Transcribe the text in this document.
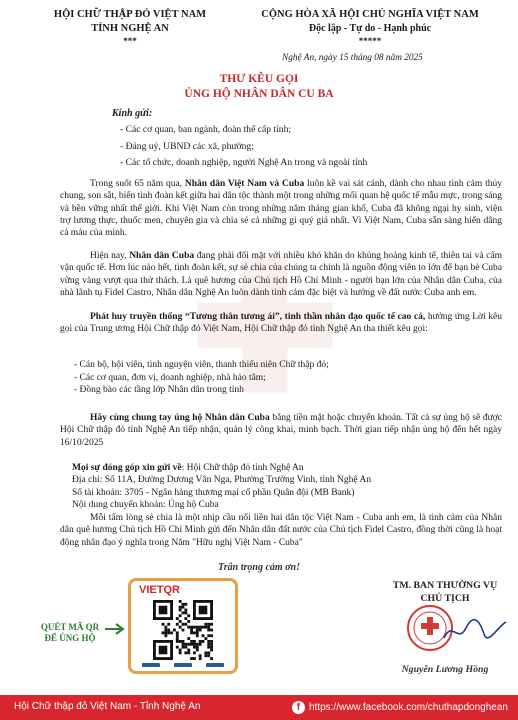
HỘI CHỮ THẬP ĐỎ VIỆT NAM
TỈNH NGHỆ AN
***
CỘNG HÒA XÃ HỘI CHỦ NGHĨA VIỆT NAM
Độc lập - Tự do - Hạnh phúc
*****
Nghệ An, ngày 15 tháng 08 năm 2025
THƯ KÊU GỌI
ỦNG HỘ NHÂN DÂN CU BA
Kính gửi:
- Các cơ quan, ban ngành, đoàn thể cấp tỉnh;
- Đảng uỷ, UBND các xã, phường;
- Các tổ chức, doanh nghiệp, người Nghệ An trong và ngoài tỉnh

Trong suốt 65 năm qua, Nhân dân Việt Nam và Cuba luôn kề vai sát cánh, dành cho nhau tình cảm thủy chung, son sắt, biến tình đoàn kết giữa hai dân tộc thành một trong những mối quan hệ quốc tế mẫu mực, trong sáng và bền vững nhất thế giới. Khi Việt Nam còn trong những năm tháng gian khổ, Cuba đã không ngại hy sinh, viện trợ lương thực, thuốc men, chuyên gia và chia sẻ cả những gì quý giá nhất. Vì Việt Nam, Cuba sẵn sàng hiến dâng cả máu của mình.

Hiện nay, Nhân dân Cuba đang phải đối mặt với nhiều khó khăn do khủng hoảng kinh tế, thiên tai và cấm vận quốc tế. Hơn lúc nào hết, tình đoàn kết, sự sẻ chia của chúng ta chính là nguồn động viên to lớn để bạn bè Cuba vững vàng vượt qua thử thách. Là quê hương của Chủ tịch Hồ Chí Minh - người bạn lớn của Nhân dân Cuba, của nhà lãnh tụ Fidel Castro, Nhân dân Nghệ An luôn dành tình cảm đặc biệt và hướng về đất nước Cuba anh em.

Phát huy truyền thống “Tương thân tương ái”, tinh thần nhân đạo quốc tế cao cả, hưởng ứng Lời kêu gọi của Trung ương Hội Chữ thập đỏ Việt Nam, Hội Chữ thập đỏ tỉnh Nghệ An tha thiết kêu gọi:

- Cán bộ, hội viên, tình nguyện viên, thanh thiếu niên Chữ thập đỏ;
- Các cơ quan, đơn vị, doanh nghiệp, nhà hảo tâm;
- Đồng bào các tầng lớp Nhân dân trong tỉnh

Hãy cùng chung tay ủng hộ Nhân dân Cuba bằng tiền mặt hoặc chuyển khoản. Tất cả sự ủng hộ sẽ được Hội Chữ thập đỏ tỉnh Nghệ An tiếp nhận, quản lý công khai, minh bạch. Thời gian tiếp nhận ủng hộ đến hết ngày 16/10/2025

Mọi sự đóng góp xin gửi về: Hội Chữ thập đỏ tỉnh Nghệ An
Địa chỉ: Số 11A, Đường Dương Vân Nga, Phường Trường Vinh, tỉnh Nghệ An
Số tài khoản: 3705 - Ngân hàng thương mại cổ phần Quân đội (MB Bank)
Nội dung chuyển khoản: Ủng hộ Cuba

Mỗi tấm lòng sẻ chia là một nhịp cầu nối liền hai dân tộc Việt Nam - Cuba anh em, là tình cảm của Nhân dân quê hương Chủ tịch Hồ Chí Minh gửi đến Nhân dân đất nước của Chủ tịch Fidel Castro, đồng thời cũng là hoạt động nhân đạo ý nghĩa trong Năm "Hữu nghị Việt Nam - Cuba"

Trân trọng cảm ơn!
QUÉT MÃ QR
ĐỂ ỦNG HỘ
VIETQR	TM. BAN THƯỜNG VỤ
CHỦ TỊCH
Nguyễn Lương Hồng
Hội Chữ thập đỏ Việt Nam - Tỉnh Nghệ An	f https://www.facebook.com/chuthapdonghean
